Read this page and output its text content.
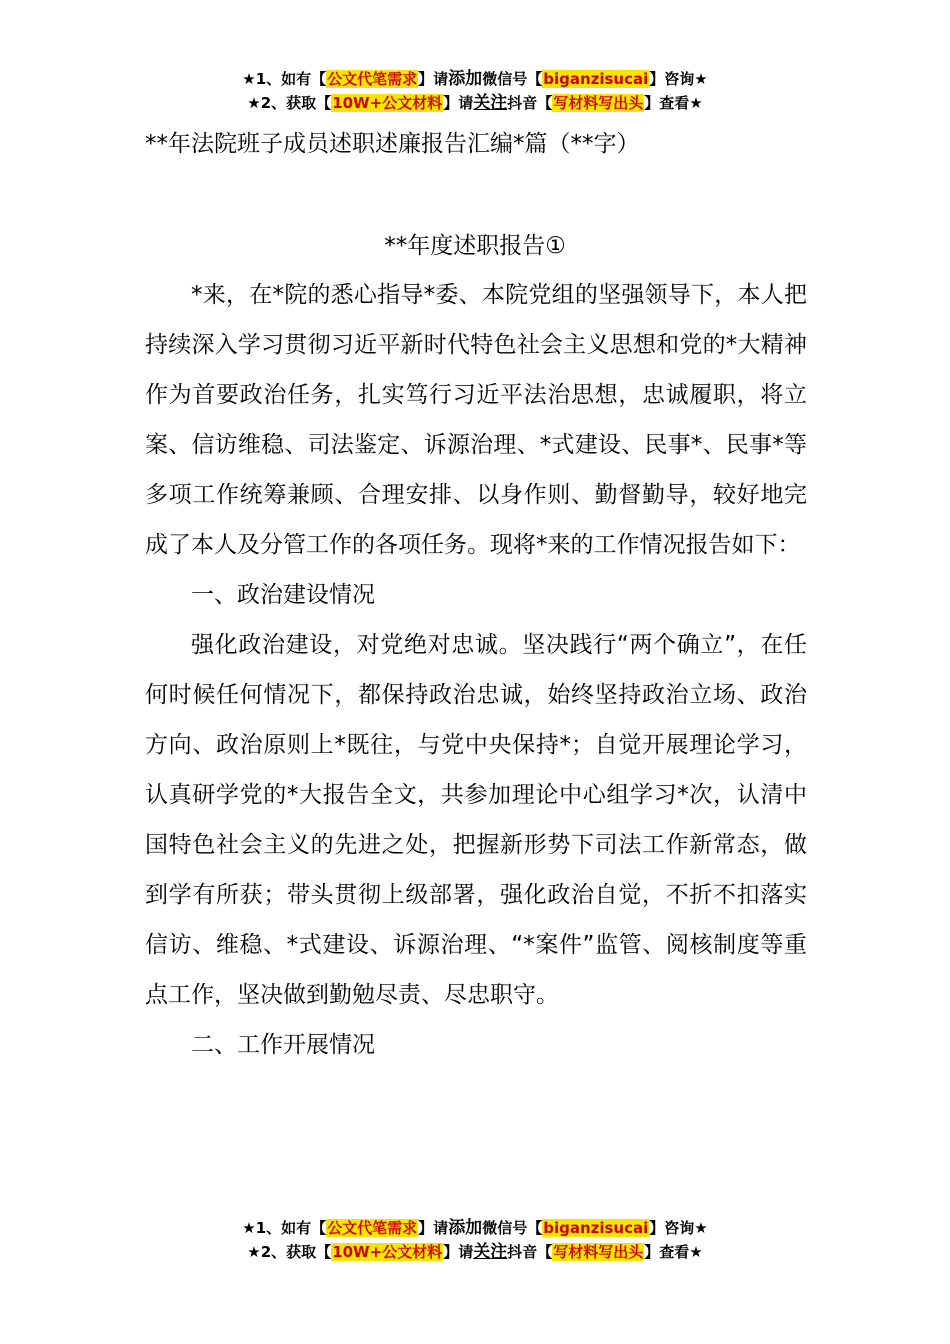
★1、如有【公文代笔需求】请添加微信号【biganzisucai】咨询★
★2、获取【10W+公文材料】请关注抖音【写材料写出头】查看★
**年法院班子成员述职述廉报告汇编*篇（**字）
**年度述职报告①

*来，在*院的悉心指导*委、本院党组的坚强领导下，本人把持续深入学习贯彻习近平新时代特色社会主义思想和党的*大精神作为首要政治任务，扎实笃行习近平法治思想，忠诚履职，将立案、信访维稳、司法鉴定、诉源治理、*式建设、民事*、民事*等多项工作统筹兼顾、合理安排、以身作则、勤督勤导，较好地完成了本人及分管工作的各项任务。现将*来的工作情况报告如下：

一、政治建设情况

强化政治建设，对党绝对忠诚。坚决践行“两个确立”，在任何时候任何情况下，都保持政治忠诚，始终坚持政治立场、政治方向、政治原则上*既往，与党中央保持*；自觉开展理论学习，认真研学党的*大报告全文，共参加理论中心组学习*次，认清中国特色社会主义的先进之处，把握新形势下司法工作新常态，做到学有所获；带头贯彻上级部署，强化政治自觉，不折不扣落实信访、维稳、*式建设、诉源治理、“*案件”监管、阅核制度等重点工作，坚决做到勤勉尽责、尽忠职守。

二、工作开展情况

★1、如有【公文代笔需求】请添加微信号【biganzisucai】咨询★
★2、获取【10W+公文材料】请关注抖音【写材料写出头】查看★
